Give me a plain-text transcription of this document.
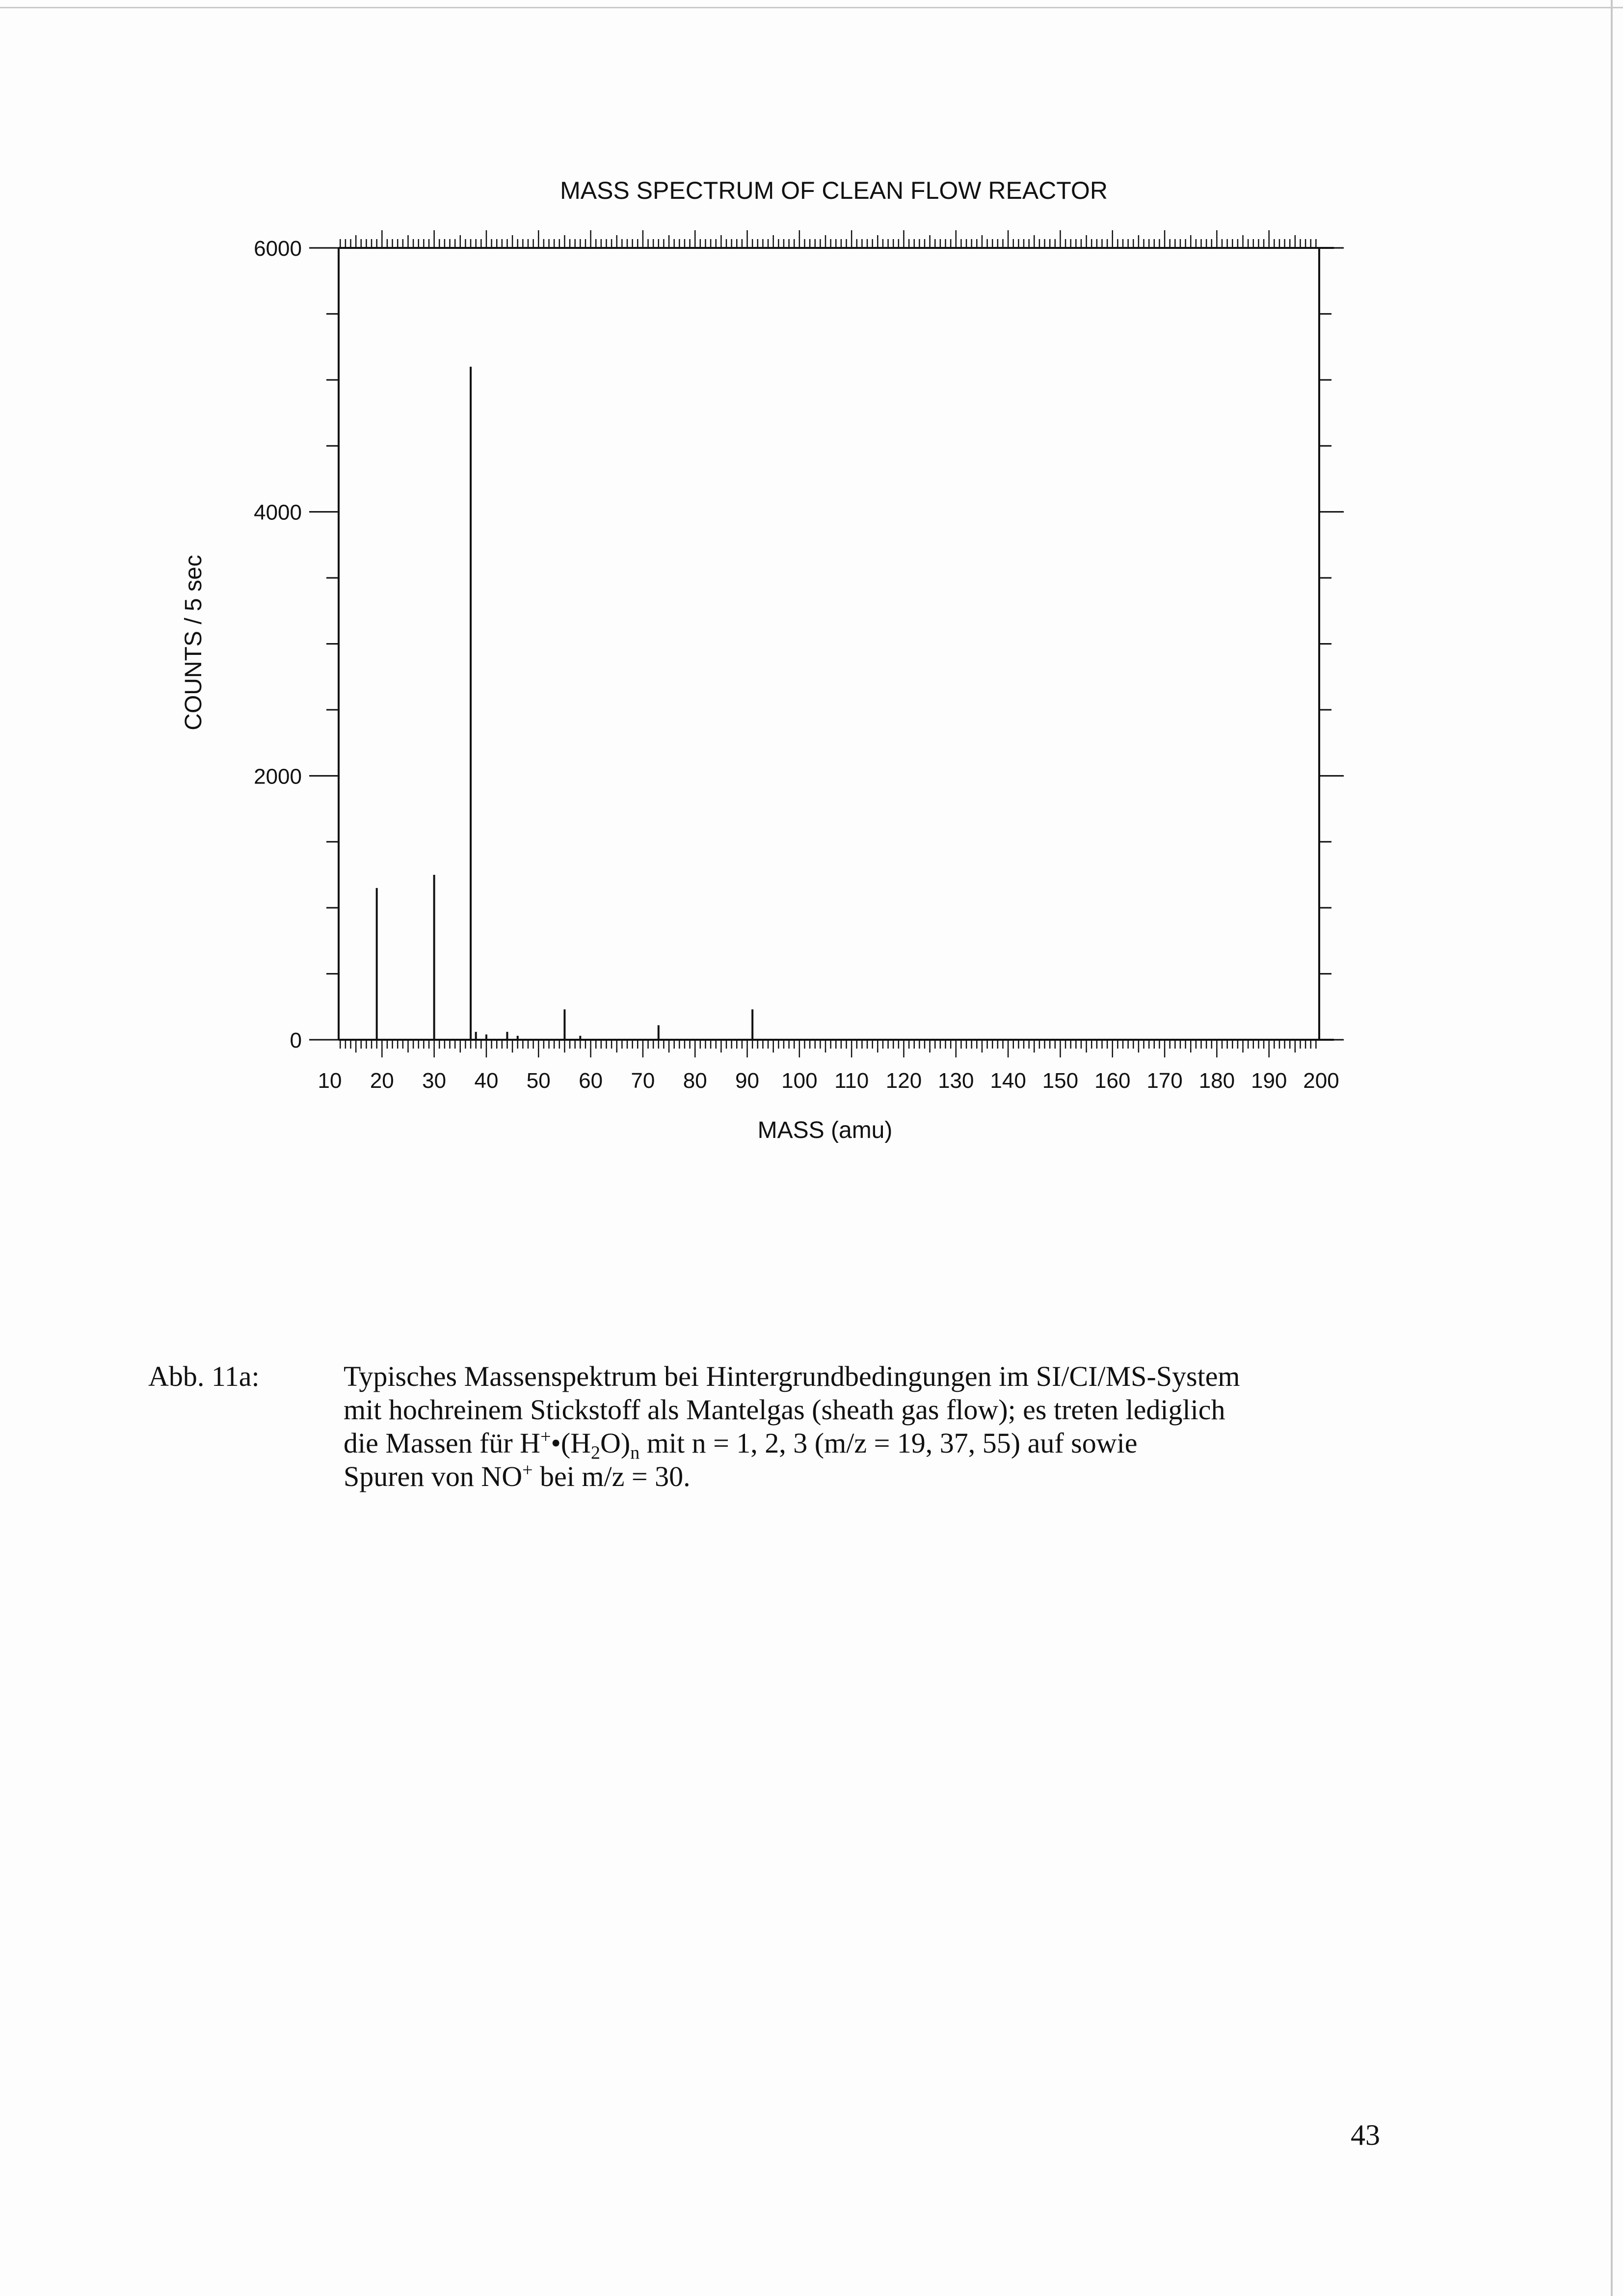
MASS SPECTRUM OF CLEAN FLOW REACTOR
MASS (amu)
COUNTS / 5 sec
0
2000
4000
6000
10 20 30 40 50 60 70 80 90 100 110 120 130 140 150 160 170 180 190 200
Abb. 11a:	Typisches Massenspektrum bei Hintergrundbedingungen im SI/CI/MS-System
mit hochreinem Stickstoff als Mantelgas (sheath gas flow); es treten lediglich
die Massen für $H^+•(H_2O)_n$ mit n = 1, 2, 3 (m/z = 19, 37, 55) auf sowie
Spuren von NO+ bei m/z = 30.
43
